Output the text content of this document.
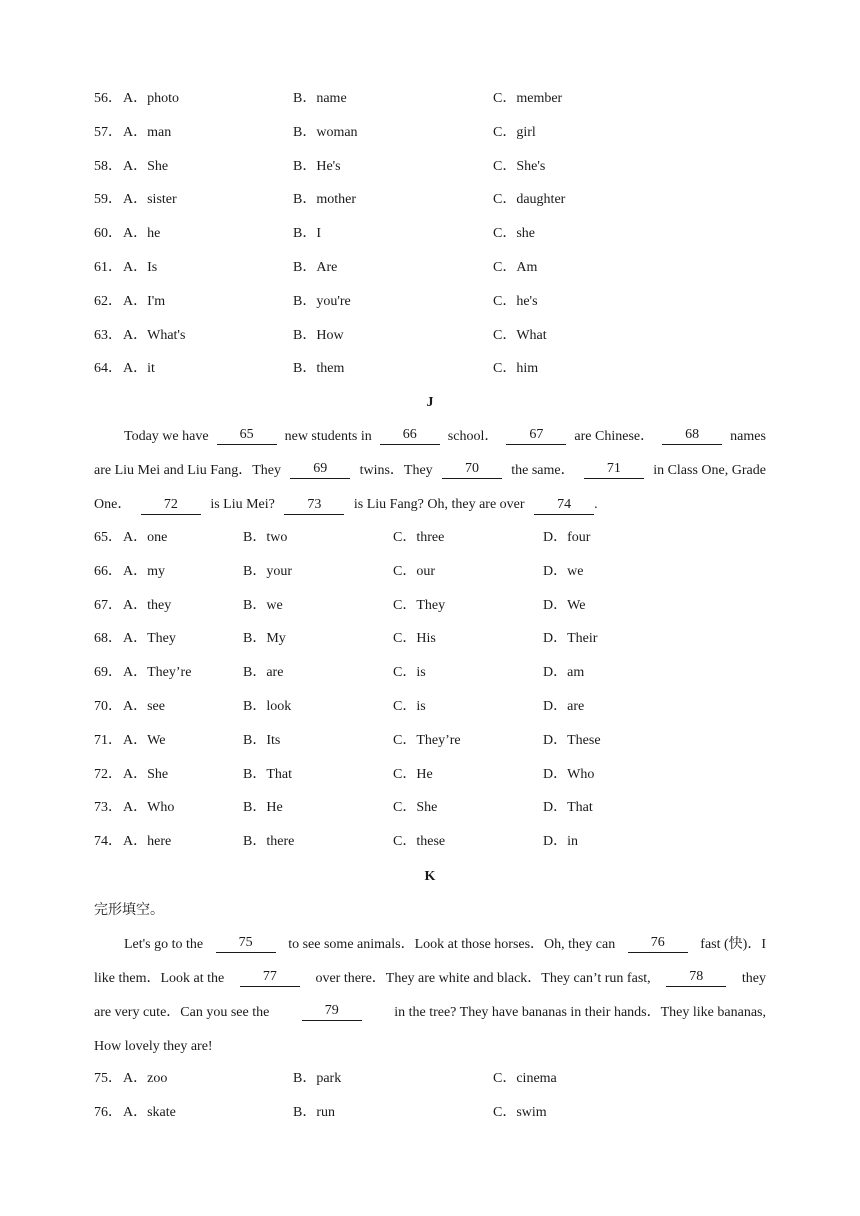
56． A．photo	B．name	C．member
57． A．man	B．woman	C．girl
58． A．She	B．He's	C．She's
59． A．sister	B．mother	C．daughter
60． A．he	B．I	C．she
61． A．Is	B．Are	C．Am
62． A．I'm	B．you're	C．he's
63． A．What's	B．How	C．What
64． A．it	B．them	C．him
J
Today we have	65	new students in	66	school．	67	are Chinese．	68	names
are Liu Mei and Liu Fang．They	69	twins．They	70	the same．	71	in Class One, Grade
One． 72 is Liu Mei? 73 is Liu Fang? Oh, they are over 74 .
65． A．one	B．two	C．three	D．four
66． A．my	B．your	C．our	D．we
67． A．they	B．we	C．They	D．We
68． A．They	B．My	C．His	D．Their
69． A．They’re	B．are	C．is	D．am
70． A．see	B．look	C．is	D．are
71． A．We	B．Its	C．They’re	D．These
72． A．She	B．That	C．He	D．Who
73． A．Who	B．He	C．She	D．That
74． A．here	B．there	C．these	D．in
K
完形填空。
Let's go to the	75	to see some animals．Look at those horses．Oh, they can	76	fast (快)．I
like them．Look at the	77	over there．They are white and black．They can’t run fast,	78	they
are very cute．Can you see the	79	in the tree? They have bananas in their hands．They like bananas,
How lovely they are!
75． A．zoo	B．park	C．cinema
76． A．skate	B．run	C．swim
